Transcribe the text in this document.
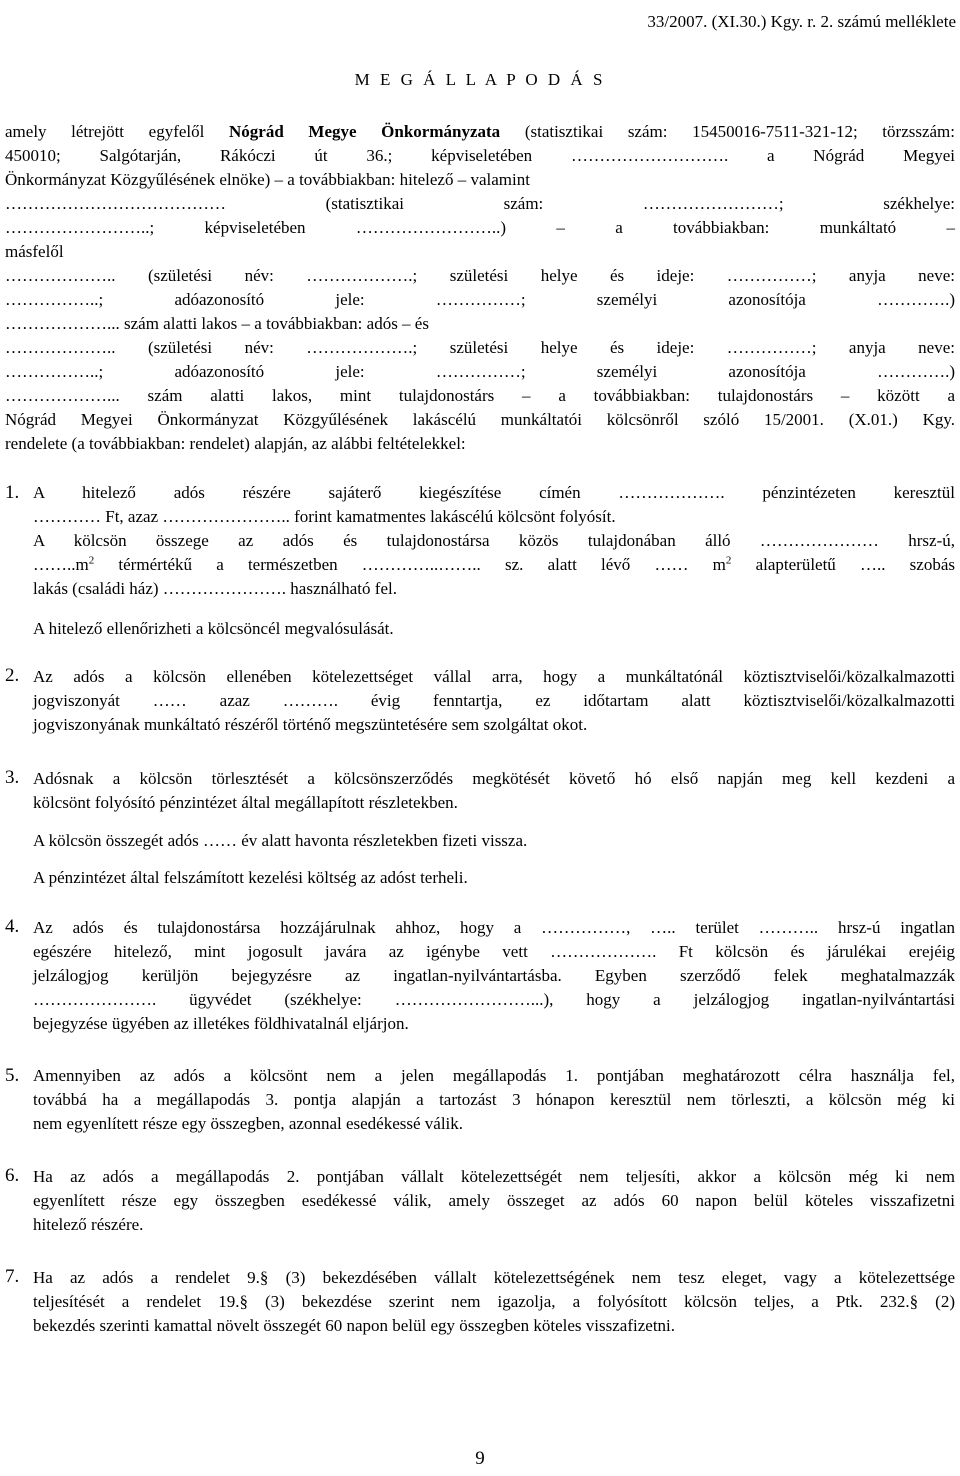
33/2007. (XI.30.) Kgy. r. 2. számú melléklete
M E G Á L L A P O D Á S
amely létrejött egyfelől Nógrád Megye Önkormányzata (statisztikai szám: 15450016-7511-321-12; törzsszám:
450010; Salgótarján, Rákóczi út 36.; képviseletében ………………………. a Nógrád Megyei
Önkormányzat Közgyűlésének elnöke) – a továbbiakban: hitelező – valamint
………………………………… (statisztikai szám: ……………………; székhelye:
……………………..; képviseletében ……………………..) – a továbbiakban: munkáltató –
másfelől
……………….. (születési név: ……………….; születési helye és ideje: ……………; anyja neve:
……………..; adóazonosító jele: ……………; személyi azonosítója ………….)
………………... szám alatti lakos – a továbbiakban: adós – és
……………….. (születési név: ……………….; születési helye és ideje: ……………; anyja neve:
……………..; adóazonosító jele: ……………; személyi azonosítója ………….)
………………... szám alatti lakos, mint tulajdonostárs – a továbbiakban: tulajdonostárs – között a
Nógrád Megyei Önkormányzat Közgyűlésének lakáscélú munkáltatói kölcsönről szóló 15/2001. (X.01.) Kgy.
rendelete (a továbbiakban: rendelet) alapján, az alábbi feltételekkel:
1. A hitelező adós részére sajáterő kiegészítése címén ………………. pénzintézeten keresztül
………… Ft, azaz ………………….. forint kamatmentes lakáscélú kölcsönt folyósít.
A kölcsön összege az adós és tulajdonostársa közös tulajdonában álló ………………… hrsz-ú,
$\dots\dots..m^2$ térmértékű a természetben …………..…….. sz. alatt lévő …… $m^2$ alapterületű ….. szobás
lakás (családi ház) …………………. használható fel.
A hitelező ellenőrizheti a kölcsöncél megvalósulását.
2. Az adós a kölcsön ellenében kötelezettséget vállal arra, hogy a munkáltatónál köztisztviselői/közalkalmazotti
jogviszonyát …… azaz ………. évig fenntartja, ez időtartam alatt köztisztviselői/közalkalmazotti
jogviszonyának munkáltató részéről történő megszüntetésére sem szolgáltat okot.
3. Adósnak a kölcsön törlesztését a kölcsönszerződés megkötését követő hó első napján meg kell kezdeni a
kölcsönt folyósító pénzintézet által megállapított részletekben.
A kölcsön összegét adós …… év alatt havonta részletekben fizeti vissza.
A pénzintézet által felszámított kezelési költség az adóst terheli.
4. Az adós és tulajdonostársa hozzájárulnak ahhoz, hogy a ……………, ….. terület ……….. hrsz-ú ingatlan
egészére hitelező, mint jogosult javára az igénybe vett ………………. Ft kölcsön és járulékai erejéig
jelzálogjog kerüljön bejegyzésre az ingatlan-nyilvántartásba. Egyben szerződő felek meghatalmazzák
…………………. ügyvédet (székhelye: ……………………...), hogy a jelzálogjog ingatlan-nyilvántartási
bejegyzése ügyében az illetékes földhivatalnál eljárjon.
5. Amennyiben az adós a kölcsönt nem a jelen megállapodás 1. pontjában meghatározott célra használja fel,
továbbá ha a megállapodás 3. pontja alapján a tartozást 3 hónapon keresztül nem törleszti, a kölcsön még ki
nem egyenlített része egy összegben, azonnal esedékessé válik.
6. Ha az adós a megállapodás 2. pontjában vállalt kötelezettségét nem teljesíti, akkor a kölcsön még ki nem
egyenlített része egy összegben esedékessé válik, amely összeget az adós 60 napon belül köteles visszafizetni
hitelező részére.
7. Ha az adós a rendelet 9.§ (3) bekezdésében vállalt kötelezettségének nem tesz eleget, vagy a kötelezettsége
teljesítését a rendelet 19.§ (3) bekezdése szerint nem igazolja, a folyósított kölcsön teljes, a Ptk. 232.§ (2)
bekezdés szerinti kamattal növelt összegét 60 napon belül egy összegben köteles visszafizetni.
9
